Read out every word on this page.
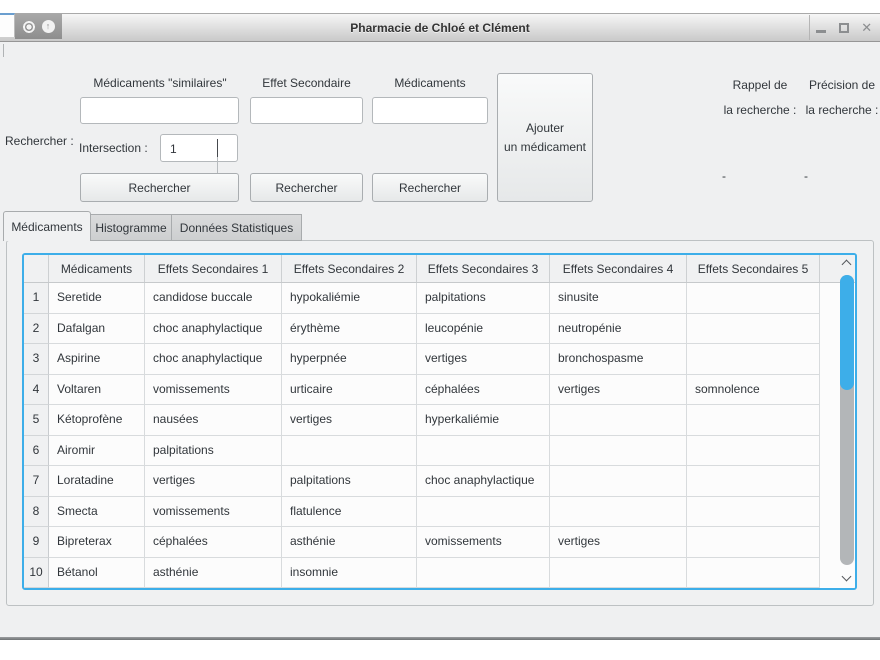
↑	Pharmacie de Chloé et Clément	✕
Rechercher :
Médicaments "similaires"	Effet Secondaire	Médicaments
Intersection : 1
Rechercher	Rechercher	Rechercher
Ajouter
un médicament
Rappel de
la recherche :
-
Précision de
la recherche :
-
Médicaments	Histogramme	Données Statistiques
Médicaments	Effets Secondaires 1	Effets Secondaires 2	Effets Secondaires 3	Effets Secondaires 4	Effets Secondaires 5
1	Seretide	candidose buccale	hypokaliémie	palpitations	sinusite
2	Dafalgan	choc anaphylactique	érythème	leucopénie	neutropénie
3	Aspirine	choc anaphylactique	hyperpnée	vertiges	bronchospasme
4	Voltaren	vomissements	urticaire	céphalées	vertiges	somnolence
5	Kétoprofène	nausées	vertiges	hyperkaliémie
6	Airomir	palpitations
7	Loratadine	vertiges	palpitations	choc anaphylactique
8	Smecta	vomissements	flatulence
9	Bipreterax	céphalées	asthénie	vomissements	vertiges
10	Bétanol	asthénie	insomnie
